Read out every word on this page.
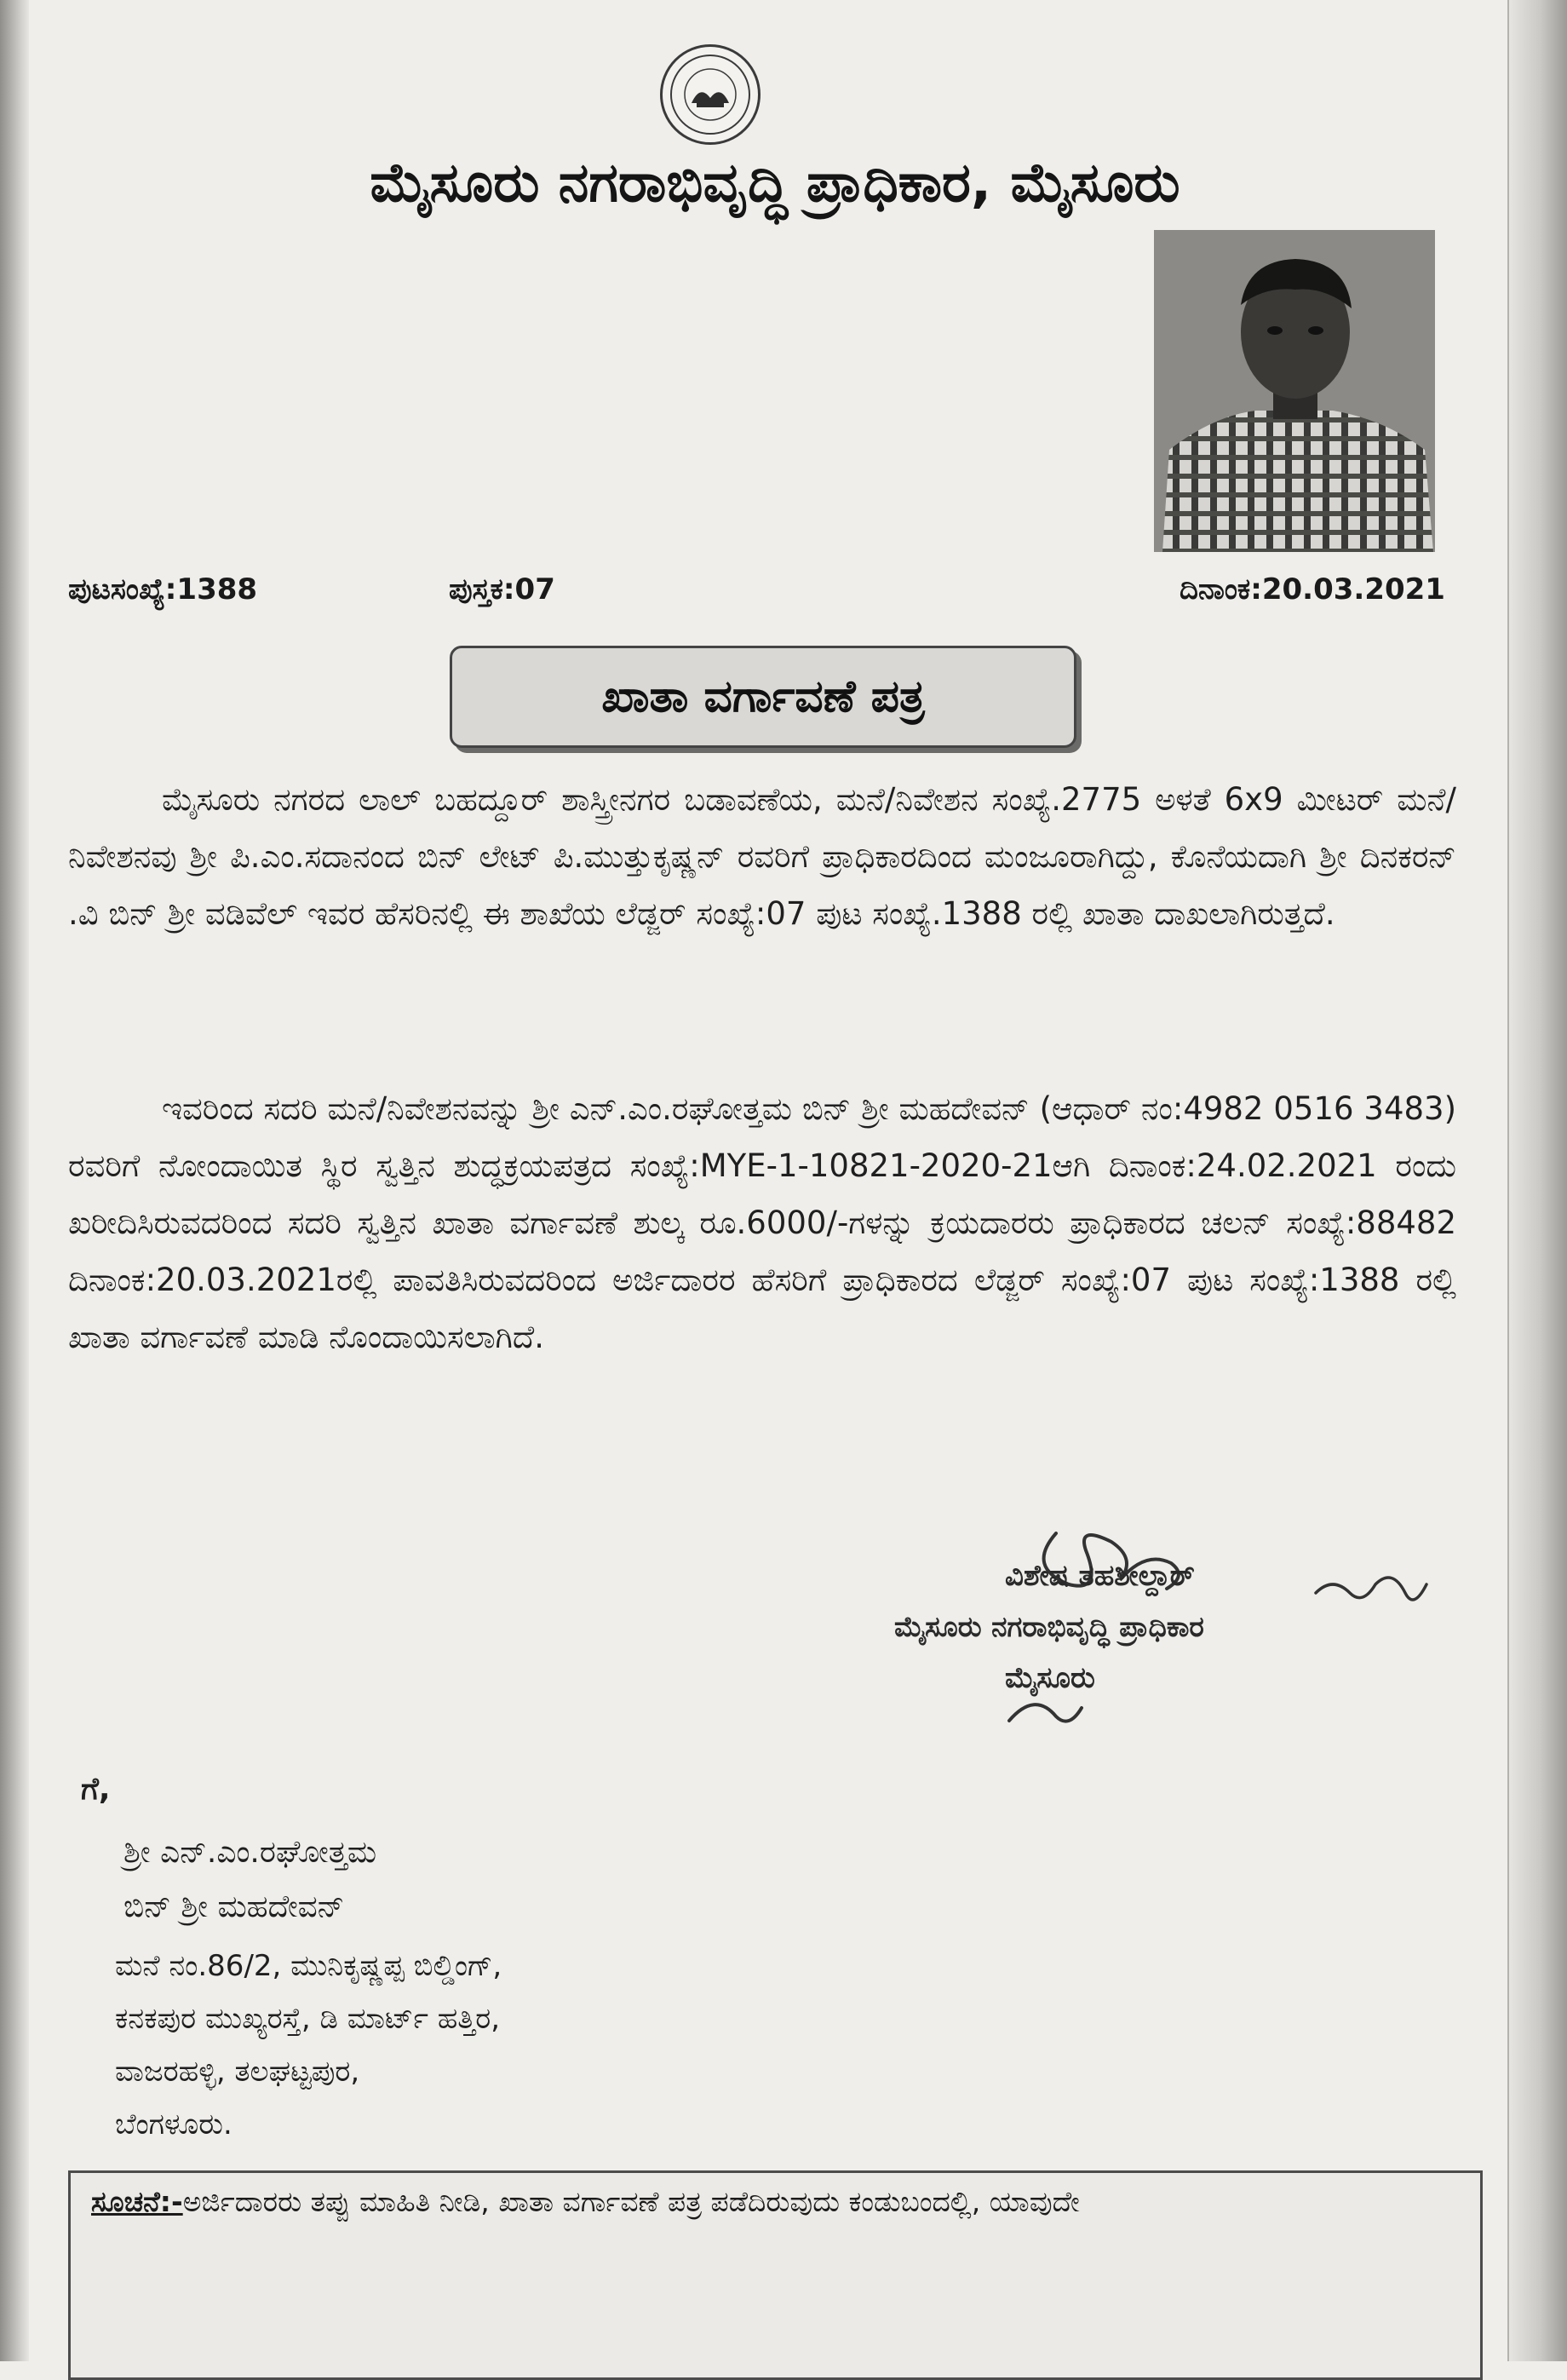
ಮೈಸೂರು ನಗರಾಭಿವೃದ್ಧಿ ಪ್ರಾಧಿಕಾರ, ಮೈಸೂರು
ಪುಟಸಂಖ್ಯೆ:1388	ಪುಸ್ತಕ:07	ದಿನಾಂಕ:20.03.2021
ಖಾತಾ ವರ್ಗಾವಣೆ ಪತ್ರ

ಮೈಸೂರು ನಗರದ ಲಾಲ್ ಬಹದ್ದೂರ್ ಶಾಸ್ತ್ರೀನಗರ ಬಡಾವಣೆಯ, ಮನೆ/ನಿವೇಶನ ಸಂಖ್ಯೆ.2775 ಅಳತೆ 6x9 ಮೀಟರ್ ಮನೆ/ನಿವೇಶನವು ಶ್ರೀ ಪಿ.ಎಂ.ಸದಾನಂದ ಬಿನ್ ಲೇಟ್ ಪಿ.ಮುತ್ತುಕೃಷ್ಣನ್ ರವರಿಗೆ ಪ್ರಾಧಿಕಾರದಿಂದ ಮಂಜೂರಾಗಿದ್ದು, ಕೊನೆಯದಾಗಿ ಶ್ರೀ ದಿನಕರನ್ .ವಿ ಬಿನ್ ಶ್ರೀ ವಡಿವೆಲ್ ಇವರ ಹೆಸರಿನಲ್ಲಿ ಈ ಶಾಖೆಯ ಲೆಡ್ಜರ್ ಸಂಖ್ಯೆ:07 ಪುಟ ಸಂಖ್ಯೆ.1388 ರಲ್ಲಿ ಖಾತಾ ದಾಖಲಾಗಿರುತ್ತದೆ.

ಇವರಿಂದ ಸದರಿ ಮನೆ/ನಿವೇಶನವನ್ನು ಶ್ರೀ ಎನ್.ಎಂ.ರಘೋತ್ತಮ ಬಿನ್ ಶ್ರೀ ಮಹದೇವನ್ (ಆಧಾರ್ ನಂ:4982 0516 3483) ರವರಿಗೆ ನೋಂದಾಯಿತ ಸ್ಥಿರ ಸ್ವತ್ತಿನ ಶುದ್ಧಕ್ರಯಪತ್ರದ ಸಂಖ್ಯೆ:MYE-1-10821-2020-21ಆಗಿ ದಿನಾಂಕ:24.02.2021 ರಂದು ಖರೀದಿಸಿರುವದರಿಂದ ಸದರಿ ಸ್ವತ್ತಿನ ಖಾತಾ ವರ್ಗಾವಣೆ ಶುಲ್ಕ ರೂ.6000/-ಗಳನ್ನು ಕ್ರಯದಾರರು ಪ್ರಾಧಿಕಾರದ ಚಲನ್ ಸಂಖ್ಯೆ:88482 ದಿನಾಂಕ:20.03.2021ರಲ್ಲಿ ಪಾವತಿಸಿರುವದರಿಂದ ಅರ್ಜಿದಾರರ ಹೆಸರಿಗೆ ಪ್ರಾಧಿಕಾರದ ಲೆಡ್ಜರ್ ಸಂಖ್ಯೆ:07 ಪುಟ ಸಂಖ್ಯೆ:1388 ರಲ್ಲಿ ಖಾತಾ ವರ್ಗಾವಣೆ ಮಾಡಿ ನೊಂದಾಯಿಸಲಾಗಿದೆ.

ವಿಶೇಷ ತಹಶೀಲ್ದಾರ್
ಮೈಸೂರು ನಗರಾಭಿವೃದ್ಧಿ ಪ್ರಾಧಿಕಾರ
ಮೈಸೂರು
ಗೆ,
ಶ್ರೀ ಎನ್.ಎಂ.ರಘೋತ್ತಮ
ಬಿನ್ ಶ್ರೀ ಮಹದೇವನ್
ಮನೆ ನಂ.86/2, ಮುನಿಕೃಷ್ಣಪ್ಪ ಬಿಲ್ಡಿಂಗ್,
ಕನಕಪುರ ಮುಖ್ಯರಸ್ತೆ, ಡಿ ಮಾರ್ಟ್ ಹತ್ತಿರ,
ವಾಜರಹಳ್ಳಿ, ತಲಘಟ್ಟಪುರ,
ಬೆಂಗಳೂರು.
ಸೂಚನೆ:-ಅರ್ಜಿದಾರರು ತಪ್ಪು ಮಾಹಿತಿ ನೀಡಿ, ಖಾತಾ ವರ್ಗಾವಣೆ ಪತ್ರ ಪಡೆದಿರುವುದು ಕಂಡುಬಂದಲ್ಲಿ, ಯಾವುದೇ
